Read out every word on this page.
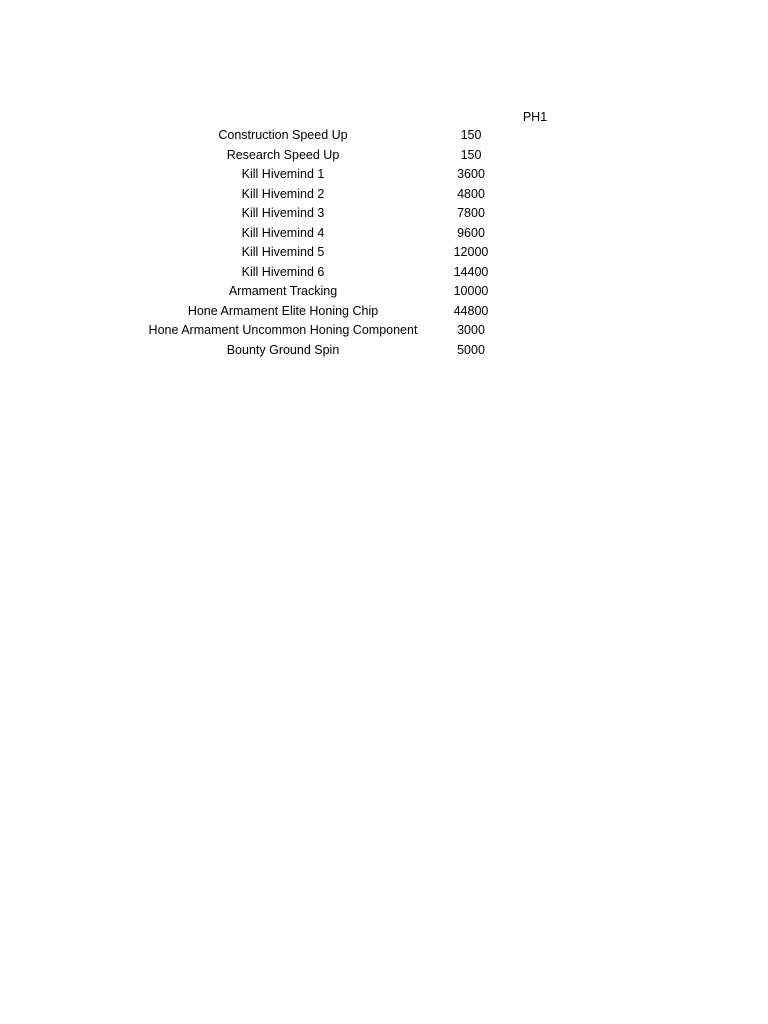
PH1
Construction Speed Up	150
Research Speed Up	150
Kill Hivemind 1	3600
Kill Hivemind 2	4800
Kill Hivemind 3	7800
Kill Hivemind 4	9600
Kill Hivemind 5	12000
Kill Hivemind 6	14400
Armament Tracking	10000
Hone Armament Elite Honing Chip	44800
Hone Armament Uncommon Honing Component	3000
Bounty Ground Spin	5000
